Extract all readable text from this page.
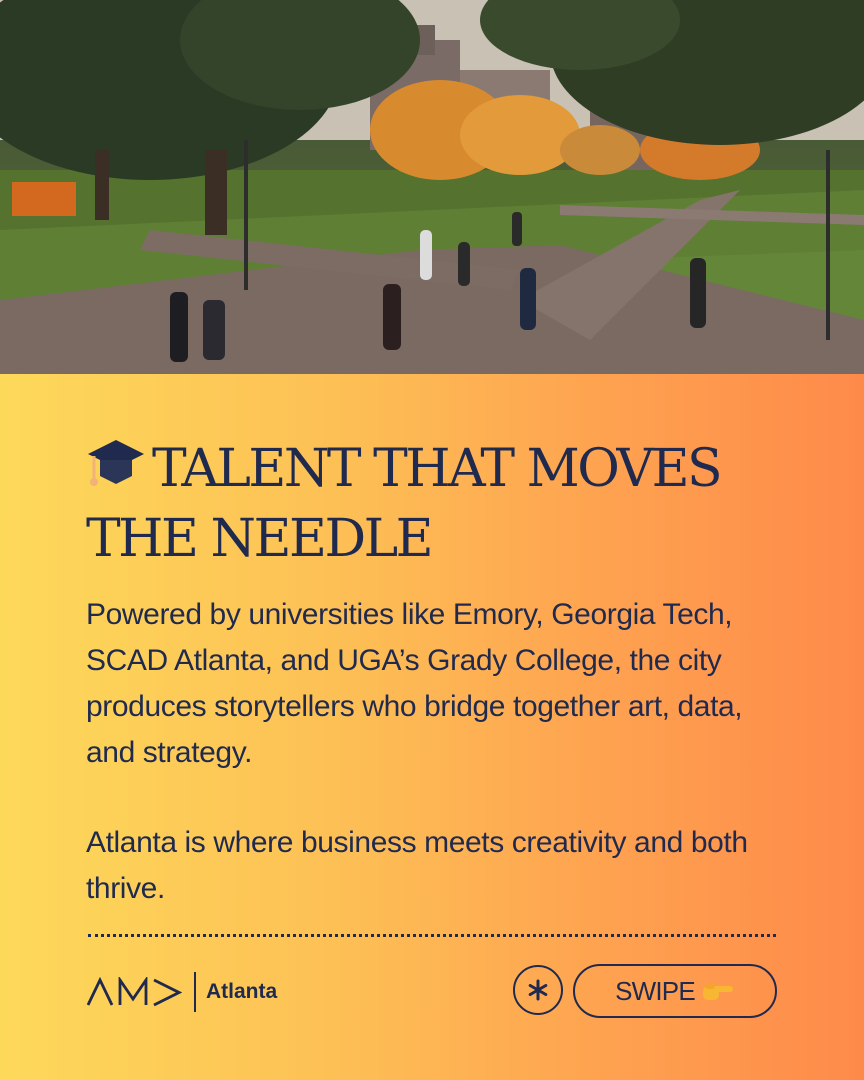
TALENT THAT MOVES THE NEEDLE

Powered by universities like Emory, Georgia Tech, SCAD Atlanta, and UGA’s Grady College, the city produces storytellers who bridge together art, data, and strategy.

Atlanta is where business meets creativity and both thrive.

Atlanta	SWIPE
